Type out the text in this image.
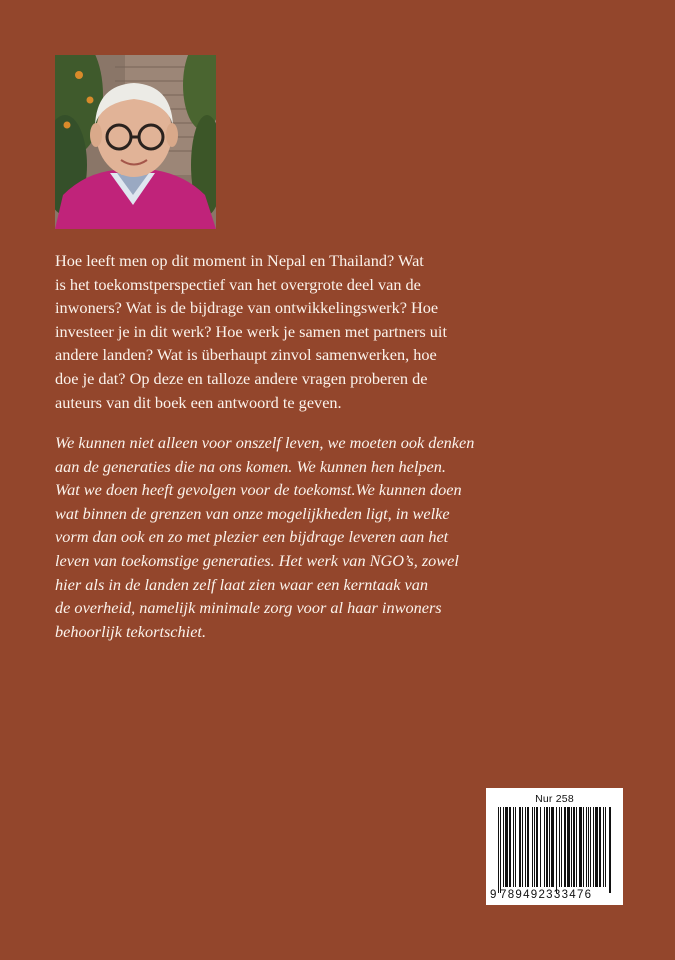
Hoe leeft men op dit moment in Nepal en Thailand? Wat
is het toekomstperspectief van het overgrote deel van de
inwoners? Wat is de bijdrage van ontwikkelingswerk? Hoe
investeer je in dit werk? Hoe werk je samen met partners uit
andere landen? Wat is überhaupt zinvol samenwerken, hoe
doe je dat? Op deze en talloze andere vragen proberen de
auteurs van dit boek een antwoord te geven.
We kunnen niet alleen voor onszelf leven, we moeten ook denken
aan de generaties die na ons komen. We kunnen hen helpen.
Wat we doen heeft gevolgen voor de toekomst.We kunnen doen
wat binnen de grenzen van onze mogelijkheden ligt, in welke
vorm dan ook en zo met plezier een bijdrage leveren aan het
leven van toekomstige generaties. Het werk van NGO’s, zowel
hier als in de landen zelf laat zien waar een kerntaak van
de overheid, namelijk minimale zorg voor al haar inwoners
behoorlijk tekortschiet.
Nur 258
9 789492333476
